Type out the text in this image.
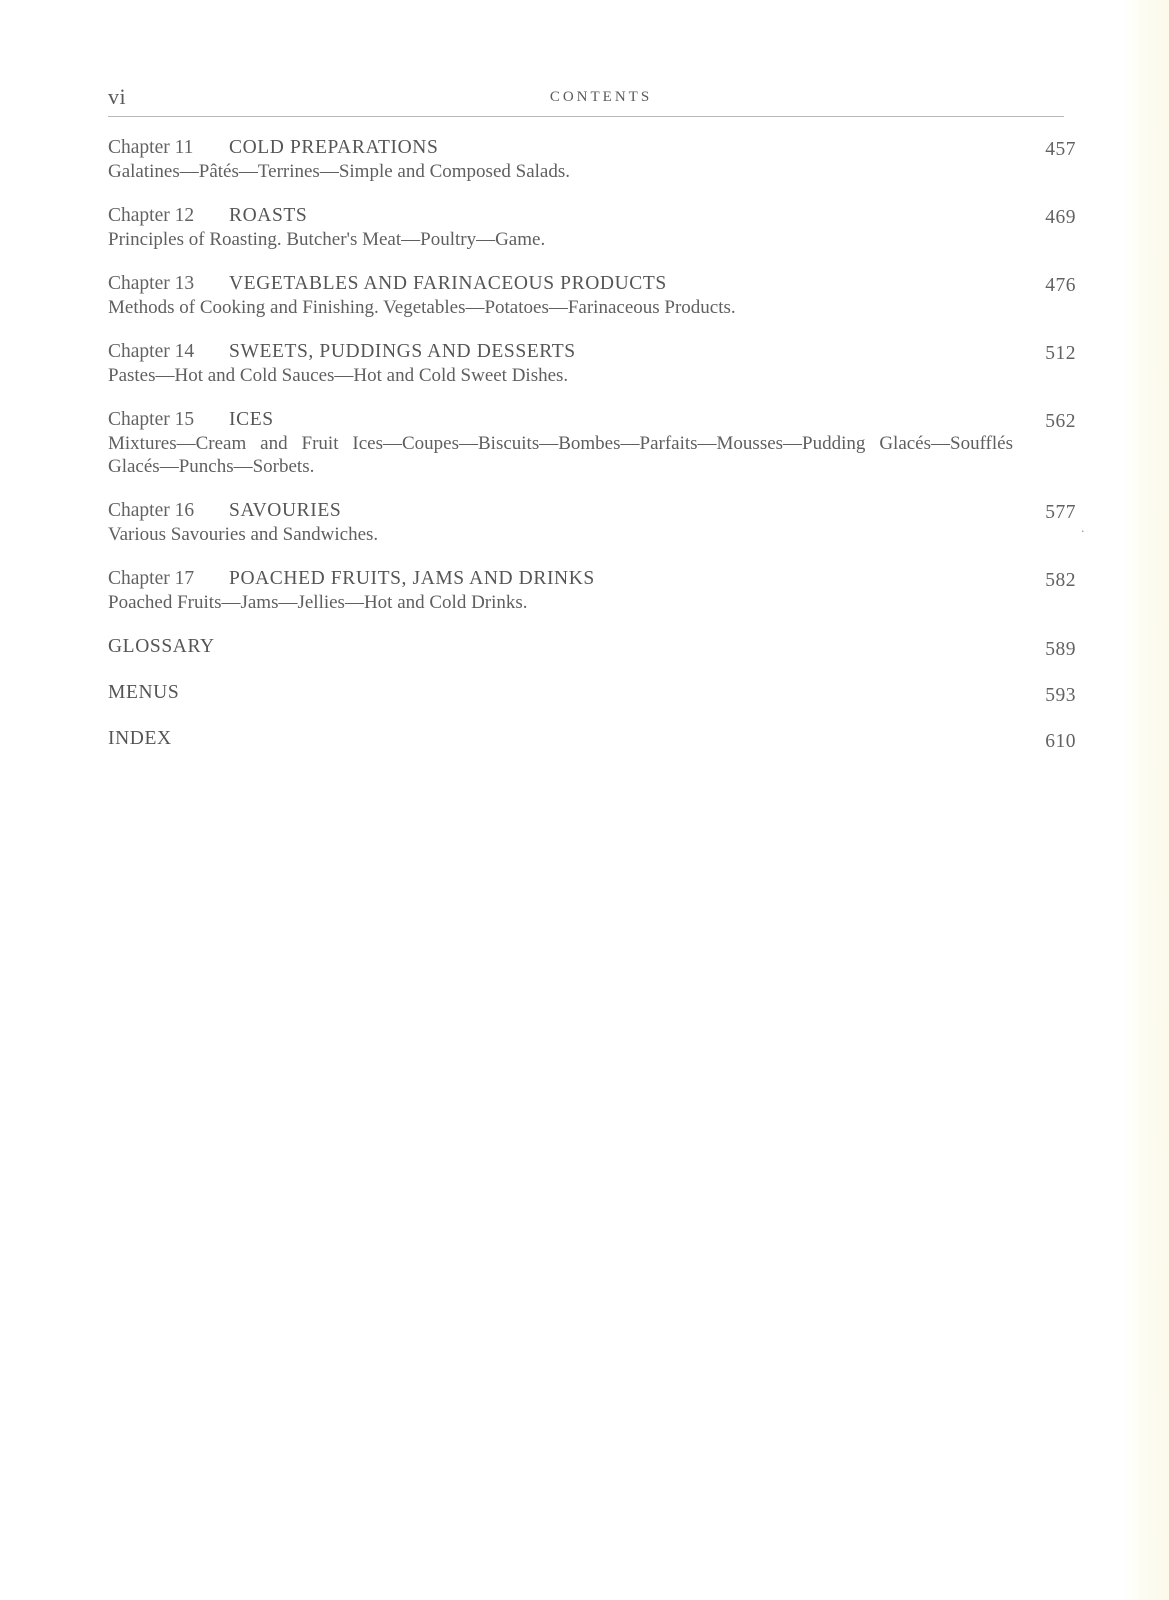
vi	CONTENTS
Chapter 11 COLD PREPARATIONS	457
Galatines—Pâtés—Terrines—Simple and Composed Salads.
Chapter 12 ROASTS	469
Principles of Roasting. Butcher's Meat—Poultry—Game.
Chapter 13 VEGETABLES AND FARINACEOUS PRODUCTS	476
Methods of Cooking and Finishing. Vegetables—Potatoes—Farinaceous Products.
Chapter 14 SWEETS, PUDDINGS AND DESSERTS	512
Pastes—Hot and Cold Sauces—Hot and Cold Sweet Dishes.
Chapter 15 ICES	562
Mixtures—Cream and Fruit Ices—Coupes—Biscuits—Bombes—Parfaits—Mousses—Pudding Glacés—Soufflés Glacés—Punchs—Sorbets.
Chapter 16 SAVOURIES	577
Various Savouries and Sandwiches.
Chapter 17 POACHED FRUITS, JAMS AND DRINKS	582
Poached Fruits—Jams—Jellies—Hot and Cold Drinks.
GLOSSARY	589
MENUS	593
INDEX	610
.
